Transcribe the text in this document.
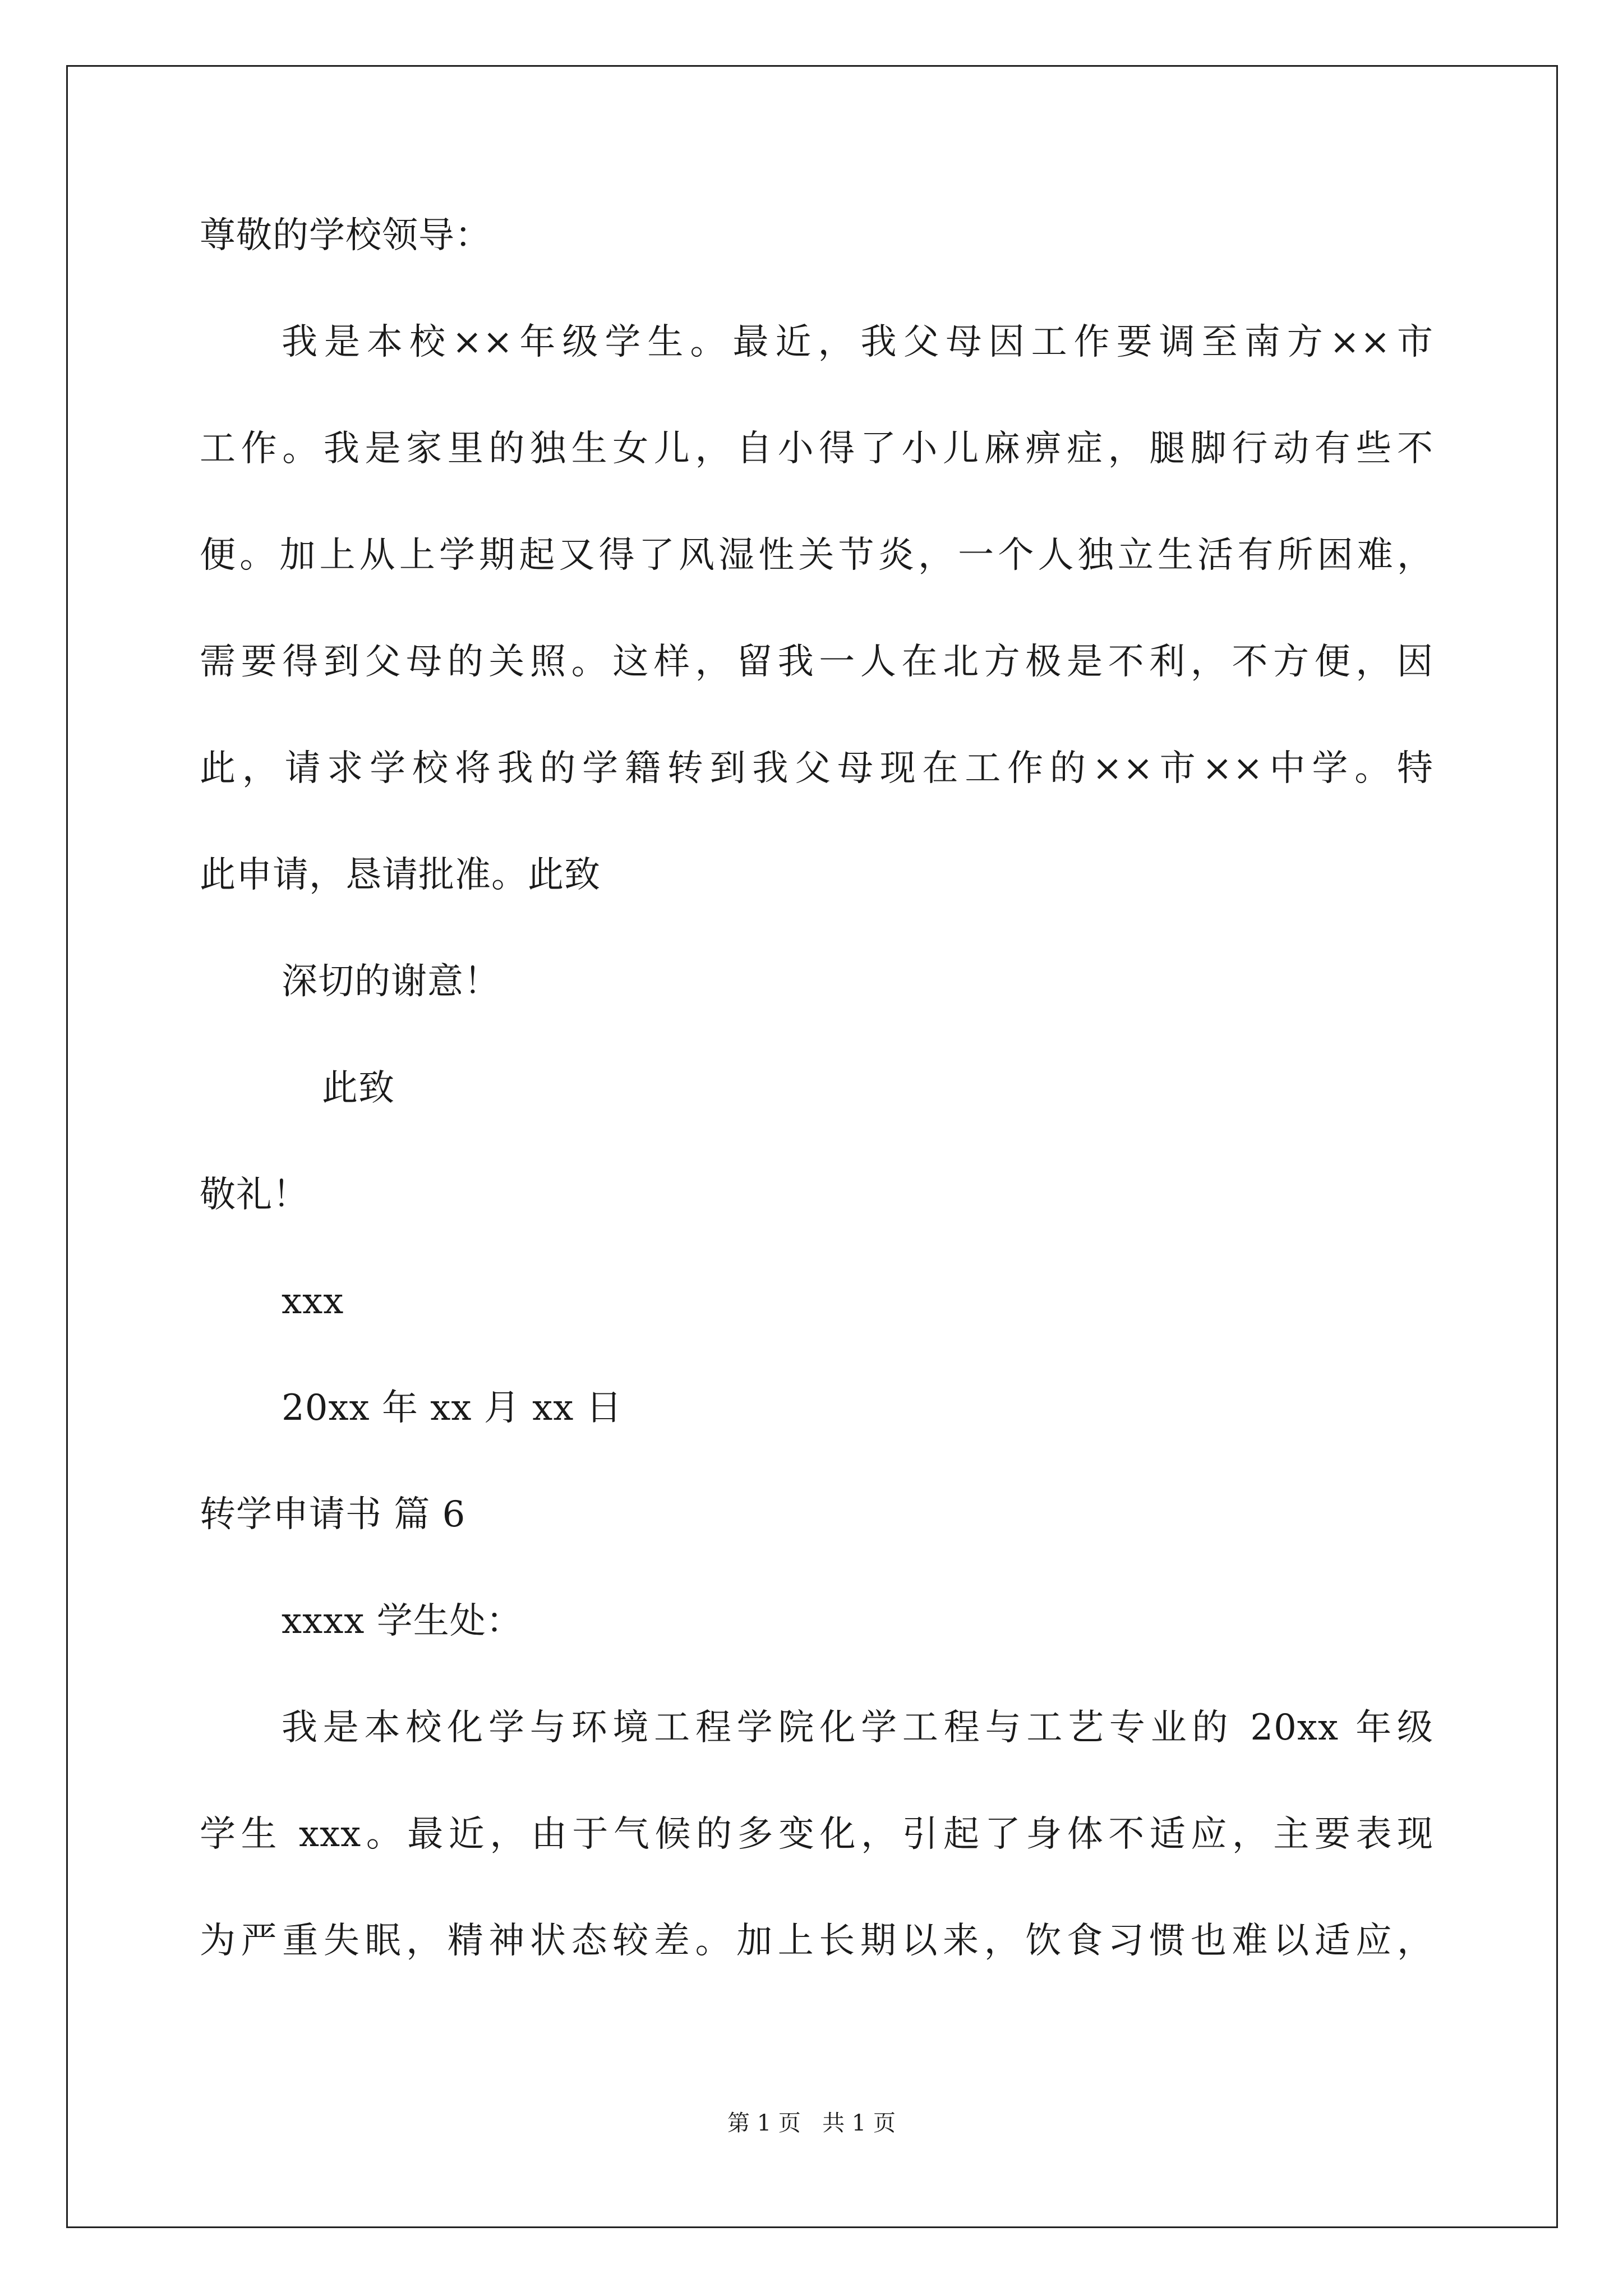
尊敬的学校领导：
我是本校××年级学生。最近，我父母因工作要调至南方××市
工作。我是家里的独生女儿，自小得了小儿麻痹症，腿脚行动有些不
便。加上从上学期起又得了风湿性关节炎，一个人独立生活有所困难，
需要得到父母的关照。这样，留我一人在北方极是不利，不方便，因
此，请求学校将我的学籍转到我父母现在工作的××市××中学。特
此申请，恳请批准。此致
深切的谢意！
此致
敬礼！
xxx
20xx 年 xx 月 xx 日
转学申请书 篇 6
xxxx 学生处：
我是本校化学与环境工程学院化学工程与工艺专业的 20xx 年级
学生 xxx。最近，由于气候的多变化，引起了身体不适应，主要表现
为严重失眠，精神状态较差。加上长期以来，饮食习惯也难以适应，
第 1 页   共 1 页
